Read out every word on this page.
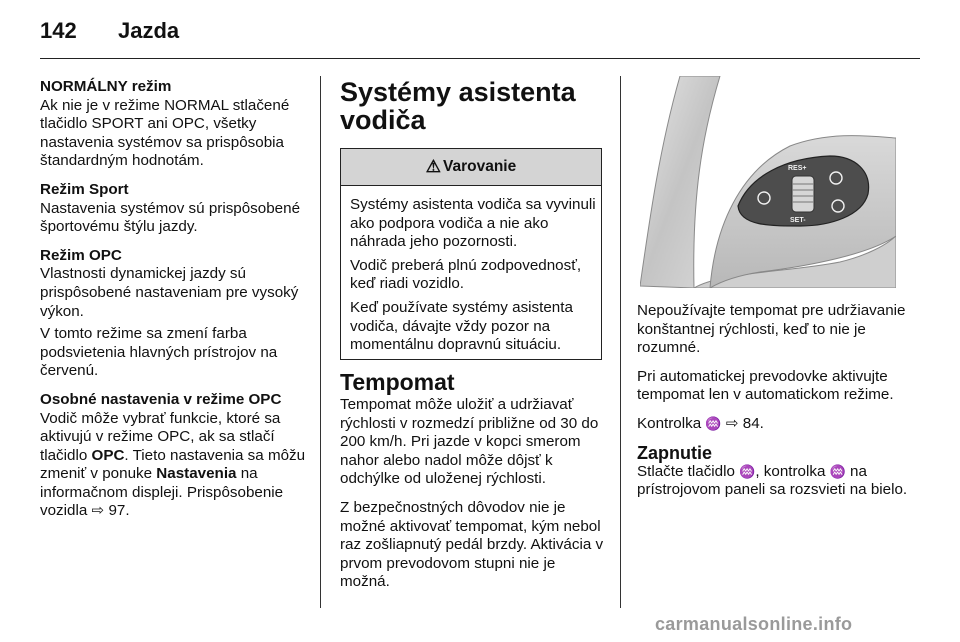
142 Jazda

NORMÁLNY režim
Ak nie je v režime NORMAL stlačené tlačidlo SPORT ani OPC, všetky nastavenia systémov sa prispôsobia štandardným hodnotám.

Režim Sport
Nastavenia systémov sú prispôsobené športovému štýlu jazdy.

Režim OPC
Vlastnosti dynamickej jazdy sú prispôsobené nastaveniam pre vysoký výkon.

V tomto režime sa zmení farba podsvietenia hlavných prístrojov na červenú.

Osobné nastavenia v režime OPC
Vodič môže vybrať funkcie, ktoré sa aktivujú v režime OPC, ak sa stlačí tlačidlo OPC. Tieto nastavenia sa môžu zmeniť v ponuke Nastavenia na informačnom displeji. Prispôsobenie vozidla ⇨ 97.

Systémy asistenta
vodiča
⚠ Varovanie

Systémy asistenta vodiča sa vyvinuli ako podpora vodiča a nie ako náhrada jeho pozornosti.

Vodič preberá plnú zodpovednosť, keď riadi vozidlo.

Keď používate systémy asistenta vodiča, dávajte vždy pozor na momentálnu dopravnú situáciu.

Tempomat

Tempomat môže uložiť a udržiavať rýchlosti v rozmedzí približne od 30 do 200 km/h. Pri jazde v kopci smerom nahor alebo nadol môže dôjsť k odchýlke od uloženej rýchlosti.

Z bezpečnostných dôvodov nie je možné aktivovať tempomat, kým nebol raz zošliapnutý pedál brzdy. Aktivácia v prvom prevodovom stupni nie je možná.

RES+
SET-

Nepoužívajte tempomat pre udržiavanie konštantnej rýchlosti, keď to nie je rozumné.

Pri automatickej prevodovke aktivujte tempomat len v automatickom režime.

Kontrolka ♒ ⇨ 84.

Zapnutie

Stlačte tlačidlo ♒, kontrolka ♒ na prístrojovom paneli sa rozsvieti na bielo.

carmanualsonline.info
